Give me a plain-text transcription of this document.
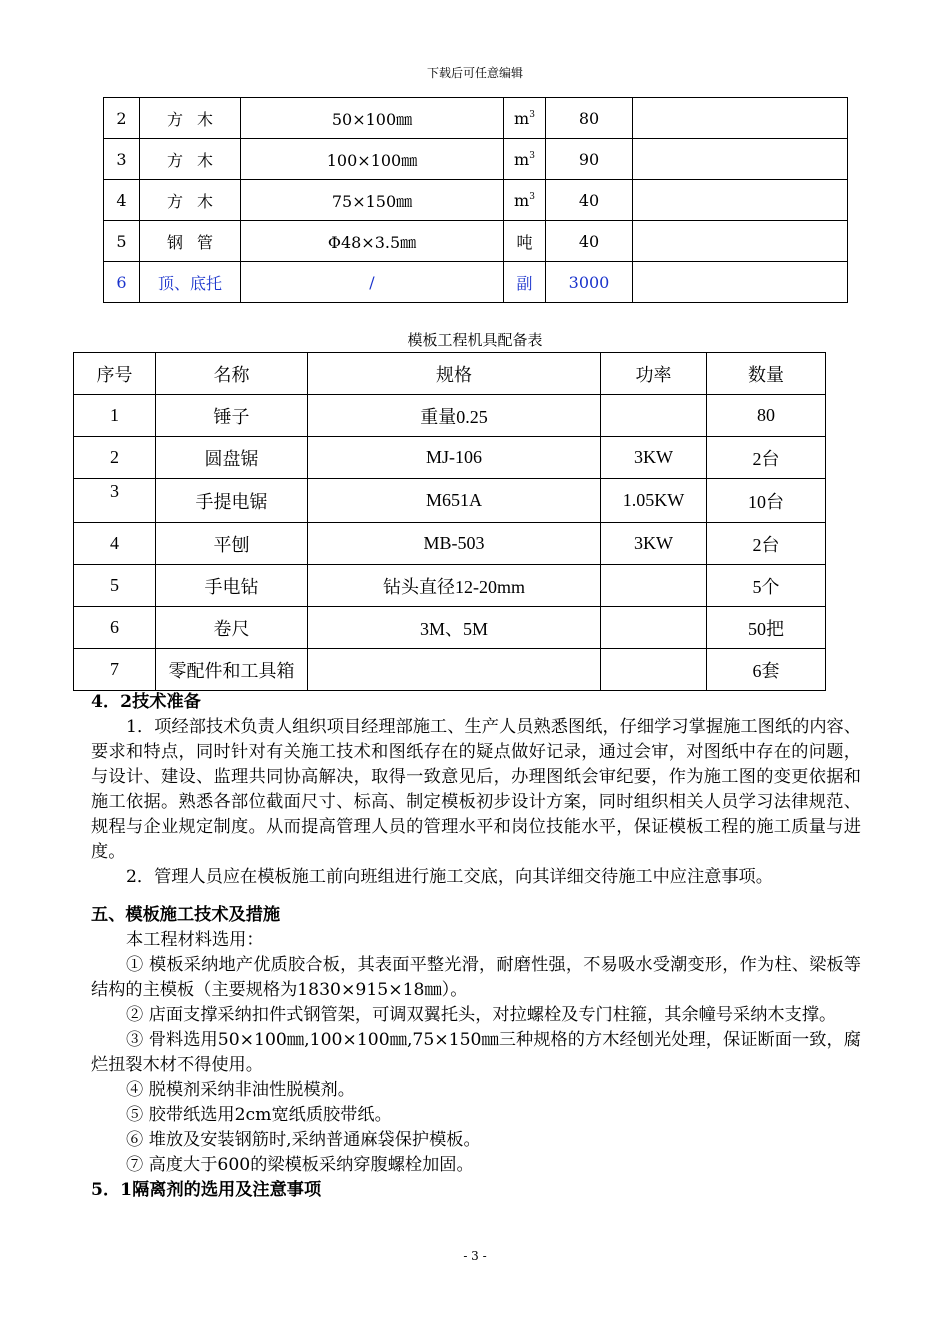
下载后可任意编辑
2	方木	50×100㎜	$m^3$	80	
3	方木	100×100㎜	$m^3$	90	
4	方木	75×150㎜	$m^3$	40	
5	钢管	Φ48×3.5㎜	吨	40	
6	顶、底托	/	副	3000	
模板工程机具配备表
序号	名称	规格	功率	数量
1	锤子	重量0.25		80
2	圆盘锯	MJ-106	3KW	2台
3	手提电锯	M651A	1.05KW	10台
4	平刨	MB-503	3KW	2台
5	手电钻	钻头直径12-20mm		5个
6	卷尺	3M、5M		50把
7	零配件和工具箱			6套

4．2技术准备

1．项经部技术负责人组织项目经理部施工、生产人员熟悉图纸，仔细学习掌握施工图纸的内容、要求和特点，同时针对有关施工技术和图纸存在的疑点做好记录，通过会审，对图纸中存在的问题，与设计、建设、监理共同协高解决，取得一致意见后，办理图纸会审纪要，作为施工图的变更依据和施工依据。熟悉各部位截面尺寸、标高、制定模板初步设计方案，同时组织相关人员学习法律规范、规程与企业规定制度。从而提高管理人员的管理水平和岗位技能水平，保证模板工程的施工质量与进度。

2．管理人员应在模板施工前向班组进行施工交底，向其详细交待施工中应注意事项。

五、模板施工技术及措施

本工程材料选用：

① 模板采纳地产优质胶合板，其表面平整光滑，耐磨性强，不易吸水受潮变形，作为柱、梁板等结构的主模板（主要规格为1830×915×18㎜）。

② 店面支撑采纳扣件式钢管架，可调双翼托头，对拉螺栓及专门柱箍，其余幢号采纳木支撑。

③ 骨料选用50×100㎜,100×100㎜,75×150㎜三种规格的方木经刨光处理，保证断面一致，腐烂扭裂木材不得使用。

④ 脱模剂采纳非油性脱模剂。

⑤ 胶带纸选用2cm宽纸质胶带纸。

⑥ 堆放及安装钢筋时,采纳普通麻袋保护模板。

⑦ 高度大于600的梁模板采纳穿腹螺栓加固。

5．1隔离剂的选用及注意事项

- 3 -
